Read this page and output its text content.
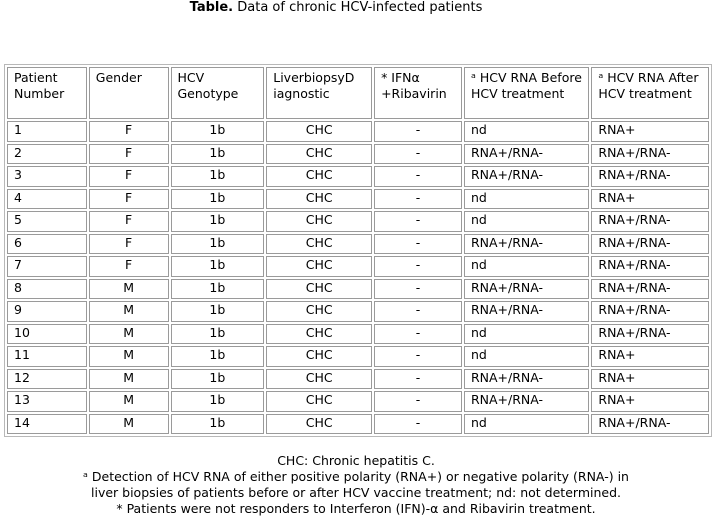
Table. Data of chronic HCV-infected patients
Patient Number	Gender	HCV Genotype	LiverbiopsyD iagnostic	* IFNα +Ribavirin	ᵃ HCV RNA Before HCV treatment	ᵃ HCV RNA After HCV treatment
1	F	1b	CHC	-	nd	RNA+
2	F	1b	CHC	-	RNA+/RNA-	RNA+/RNA-
3	F	1b	CHC	-	RNA+/RNA-	RNA+/RNA-
4	F	1b	CHC	-	nd	RNA+
5	F	1b	CHC	-	nd	RNA+/RNA-
6	F	1b	CHC	-	RNA+/RNA-	RNA+/RNA-
7	F	1b	CHC	-	nd	RNA+/RNA-
8	M	1b	CHC	-	RNA+/RNA-	RNA+/RNA-
9	M	1b	CHC	-	RNA+/RNA-	RNA+/RNA-
10	M	1b	CHC	-	nd	RNA+/RNA-
11	M	1b	CHC	-	nd	RNA+
12	M	1b	CHC	-	RNA+/RNA-	RNA+
13	M	1b	CHC	-	RNA+/RNA-	RNA+
14	M	1b	CHC	-	nd	RNA+/RNA-

CHC: Chronic hepatitis C.

ᵃ Detection of HCV RNA of either positive polarity (RNA+) or negative polarity (RNA-) in liver biopsies of patients before or after HCV vaccine treatment; nd: not determined.

* Patients were not responders to Interferon (IFN)-α and Ribavirin treatment.
